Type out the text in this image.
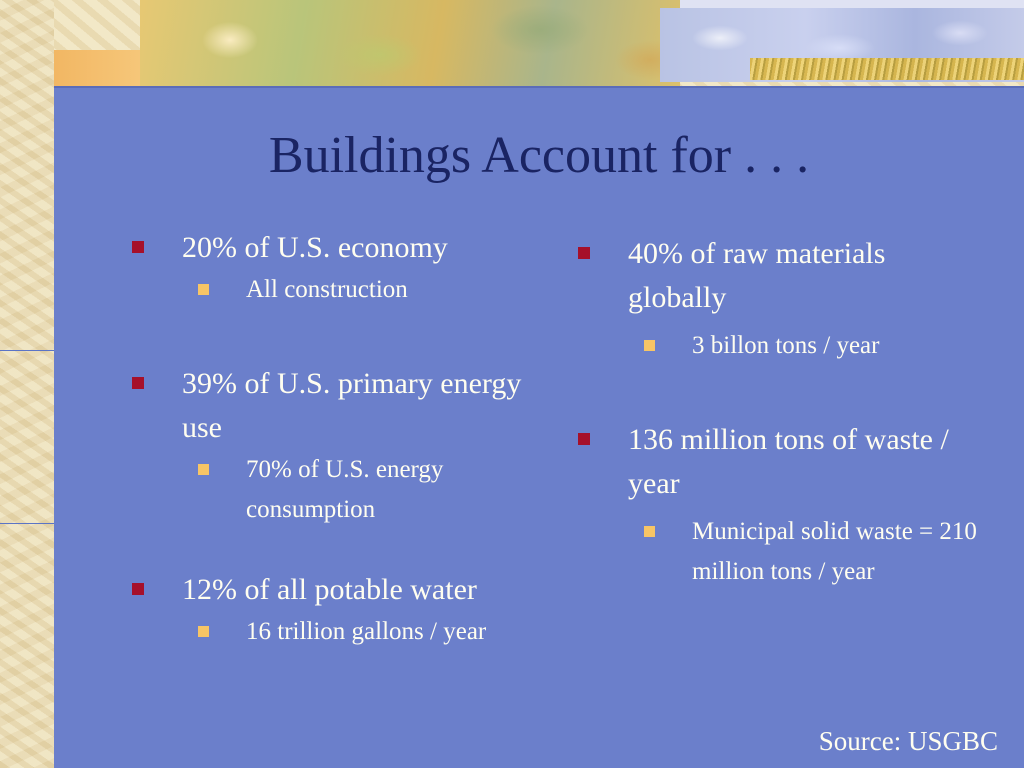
Buildings Account for . . .
20% of U.S. economy
All construction
39% of U.S. primary energy use
70% of U.S. energy consumption
12% of all potable water
16 trillion gallons / year
40% of raw materials globally
3 billon tons / year
136 million tons of waste / year
Municipal solid waste = 210 million tons / year
Source: USGBC
